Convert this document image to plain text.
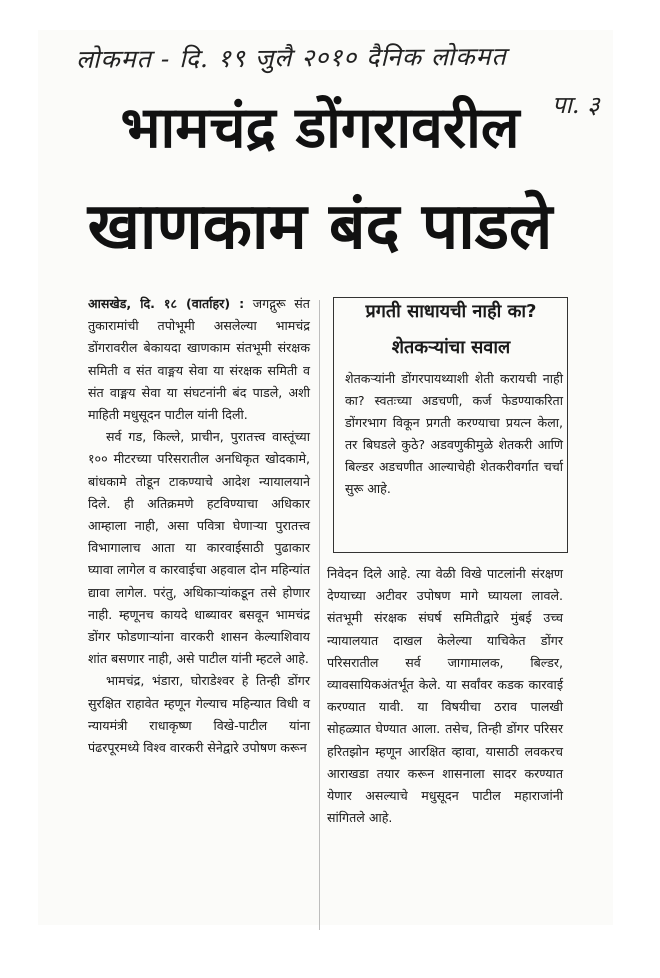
लोकमत - दि. १९ जुलै २०१० दैनिक लोकमत
पा. ३
भामचंद्र डोंगरावरील
खाणकाम बंद पाडले

आसखेड, दि. १८ (वार्ताहर) : जगद्गुरू संत तुकारामांची तपोभूमी असलेल्या भामचंद्र डोंगरावरील बेकायदा खाणकाम संतभूमी संरक्षक समिती व संत वाङ्मय सेवा या संरक्षक समिती व संत वाङ्मय सेवा या संघटनांनी बंद पाडले, अशी माहिती मधुसूदन पाटील यांनी दिली.

सर्व गड, किल्ले, प्राचीन, पुरातत्त्व वास्तूंच्या १०० मीटरच्या परिसरातील अनधिकृत खोदकामे, बांधकामे तोडून टाकण्याचे आदेश न्यायालयाने दिले. ही अतिक्रमणे हटविण्याचा अधिकार आम्हाला नाही, असा पवित्रा घेणाऱ्या पुरातत्त्व विभागालाच आता या कारवाईसाठी पुढाकार घ्यावा लागेल व कारवाईचा अहवाल दोन महिन्यांत द्यावा लागेल. परंतु, अधिकाऱ्यांकडून तसे होणार नाही. म्हणूनच कायदे धाब्यावर बसवून भामचंद्र डोंगर फोडणाऱ्यांना वारकरी शासन केल्याशिवाय शांत बसणार नाही, असे पाटील यांनी म्हटले आहे.

भामचंद्र, भंडारा, घोराडेश्वर हे तिन्ही डोंगर सुरक्षित राहावेत म्हणून गेल्याच महिन्यात विधी व न्यायमंत्री राधाकृष्ण विखे-पाटील यांना पंढरपूरमध्ये विश्व वारकरी सेनेद्वारे उपोषण करून

प्रगती साधायची नाही का?
शेतकऱ्यांचा सवाल
शेतकऱ्यांनी डोंगरपायथ्याशी शेती करायची नाही का? स्वतःच्या अडचणी, कर्ज फेडण्याकरिता डोंगरभाग विकून प्रगती करण्याचा प्रयत्न केला, तर बिघडले कुठे? अडवणुकीमुळे शेतकरी आणि बिल्डर अडचणीत आल्याचेही शेतकरीवर्गात चर्चा सुरू आहे.

निवेदन दिले आहे. त्या वेळी विखे पाटलांनी संरक्षण देण्याच्या अटीवर उपोषण मागे घ्यायला लावले. संतभूमी संरक्षक संघर्ष समितीद्वारे मुंबई उच्च न्यायालयात दाखल केलेल्या याचिकेत डोंगर परिसरातील सर्व जागामालक, बिल्डर, व्यावसायिकअंतर्भूत केले. या सर्वांवर कडक कारवाई करण्यात यावी. या विषयीचा ठराव पालखी सोहळ्यात घेण्यात आला. तसेच, तिन्ही डोंगर परिसर हरितझोन म्हणून आरक्षित व्हावा, यासाठी लवकरच आराखडा तयार करून शासनाला सादर करण्यात येणार असल्याचे मधुसूदन पाटील महाराजांनी सांगितले आहे.
